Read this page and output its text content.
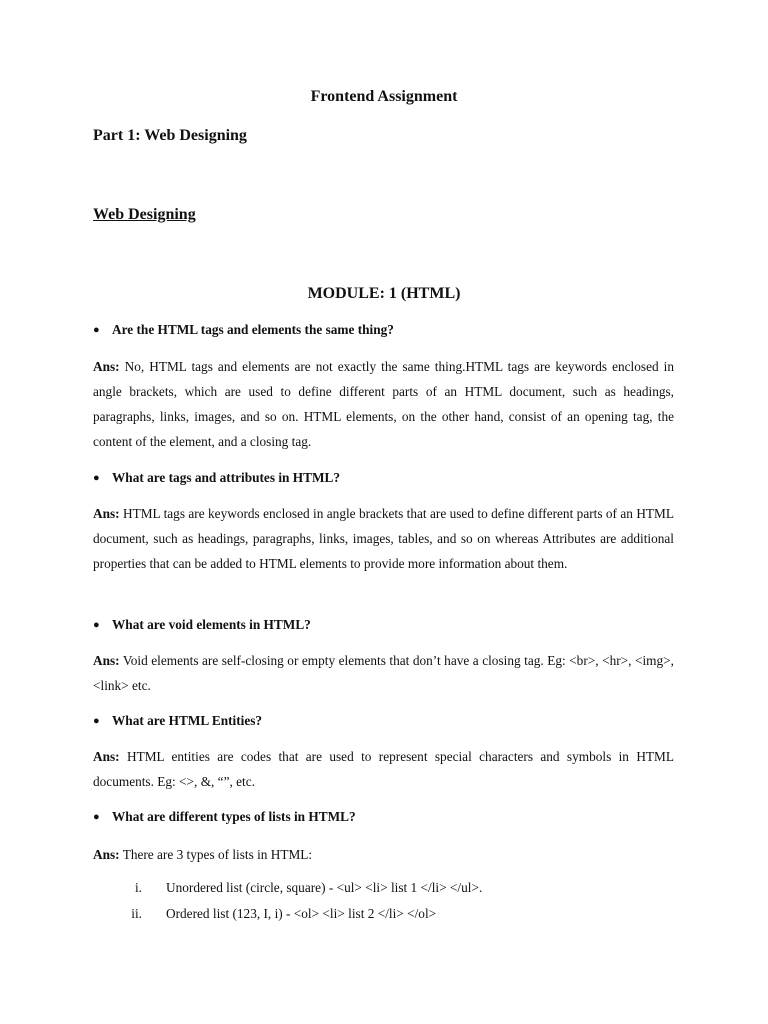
Frontend Assignment
Part 1: Web Designing
Web Designing
MODULE: 1 (HTML)
● Are the HTML tags and elements the same thing?
Ans: No, HTML tags and elements are not exactly the same thing.HTML tags are keywords enclosed in angle brackets, which are used to define different parts of an HTML document, such as headings, paragraphs, links, images, and so on. HTML elements, on the other hand, consist of an opening tag, the content of the element, and a closing tag.
● What are tags and attributes in HTML?
Ans: HTML tags are keywords enclosed in angle brackets that are used to define different parts of an HTML document, such as headings, paragraphs, links, images, tables, and so on whereas Attributes are additional properties that can be added to HTML elements to provide more information about them.
● What are void elements in HTML?
Ans: Void elements are self-closing or empty elements that don’t have a closing tag. Eg: <br>, <hr>, <img>, <link> etc.
● What are HTML Entities?
Ans: HTML entities are codes that are used to represent special characters and symbols in HTML documents. Eg: <>, &, “”, etc.
● What are different types of lists in HTML?
Ans: There are 3 types of lists in HTML:
i. Unordered list (circle, square) - <ul> <li> list 1 </li> </ul>.
ii. Ordered list (123, I, i) - <ol> <li> list 2 </li> </ol>
